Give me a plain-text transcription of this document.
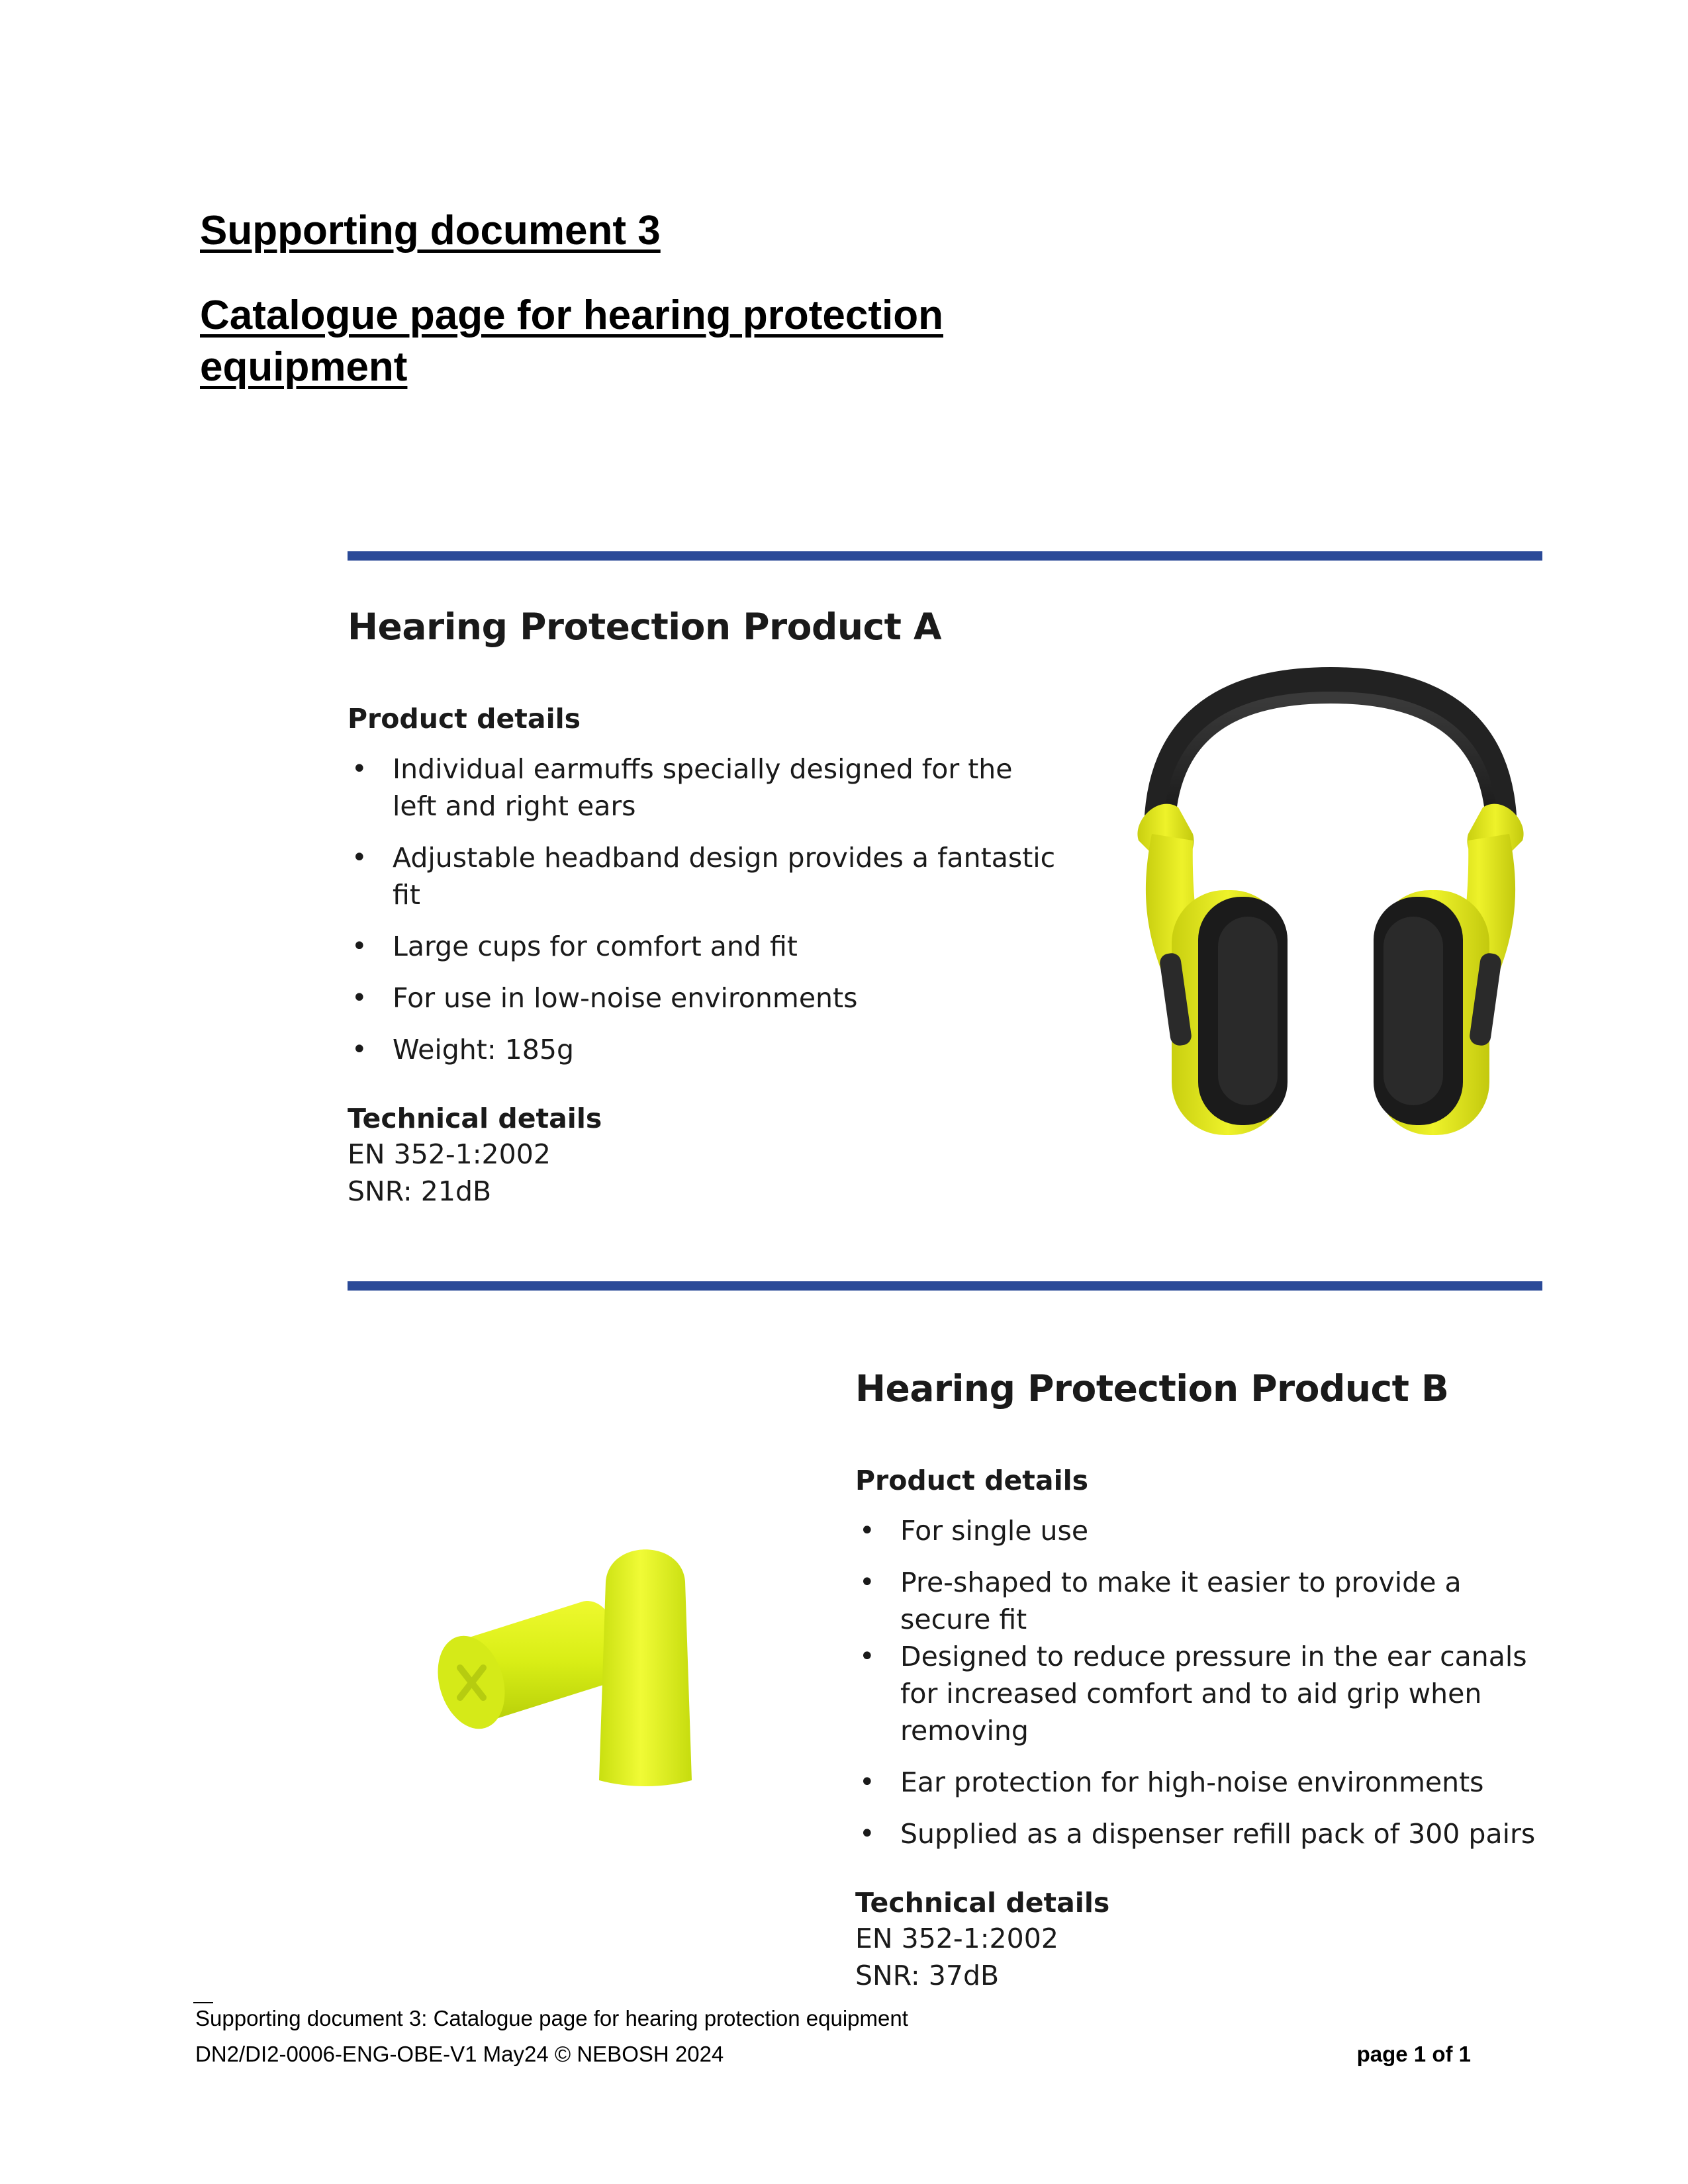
Supporting document 3
Catalogue page for hearing protection equipment
Hearing Protection Product A
Product details
• Individual earmuffs specially designed for the left and right ears
• Adjustable headband design provides a fantastic fit
• Large cups for comfort and fit
• For use in low-noise environments
• Weight: 185g
Technical details
EN 352-1:2002
SNR: 21dB
Hearing Protection Product B
Product details
• For single use
• Pre-shaped to make it easier to provide a secure fit
• Designed to reduce pressure in the ear canals for increased comfort and to aid grip when removing
• Ear protection for high-noise environments
• Supplied as a dispenser refill pack of 300 pairs
Technical details
EN 352-1:2002
SNR: 37dB
Supporting document 3: Catalogue page for hearing protection equipment
DN2/DI2-0006-ENG-OBE-V1 May24 © NEBOSH 2024	page 1 of 1
